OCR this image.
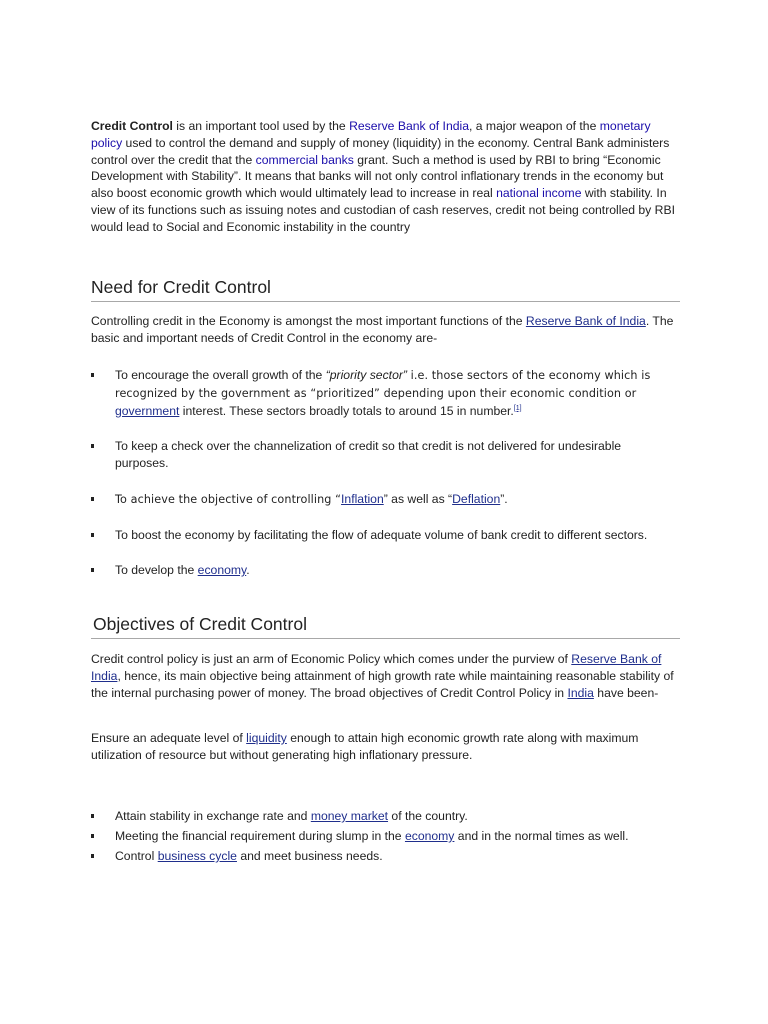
Credit Control is an important tool used by the Reserve Bank of India, a major weapon of the monetary policy used to control the demand and supply of money (liquidity) in the economy. Central Bank administers control over the credit that the commercial banks grant. Such a method is used by RBI to bring “Economic Development with Stability”. It means that banks will not only control inflationary trends in the economy but also boost economic growth which would ultimately lead to increase in real national income with stability. In view of its functions such as issuing notes and custodian of cash reserves, credit not being controlled by RBI would lead to Social and Economic instability in the country

Need for Credit Control

Controlling credit in the Economy is amongst the most important functions of the Reserve Bank of India. The basic and important needs of Credit Control in the economy are-

To encourage the overall growth of the “priority sector” i.e. those sectors of the economy which is recognized by the government as “prioritized” depending upon their economic condition or government interest. These sectors broadly totals to around 15 in number.[1]
To keep a check over the channelization of credit so that credit is not delivered for undesirable purposes.
To achieve the objective of controlling “Inflation” as well as “Deflation”.
To boost the economy by facilitating the flow of adequate volume of bank credit to different sectors.
To develop the economy.
Objectives of Credit Control

Credit control policy is just an arm of Economic Policy which comes under the purview of Reserve Bank of India, hence, its main objective being attainment of high growth rate while maintaining reasonable stability of the internal purchasing power of money. The broad objectives of Credit Control Policy in India have been-

Ensure an adequate level of liquidity enough to attain high economic growth rate along with maximum utilization of resource but without generating high inflationary pressure.

Attain stability in exchange rate and money market of the country.
Meeting the financial requirement during slump in the economy and in the normal times as well.
Control business cycle and meet business needs.
